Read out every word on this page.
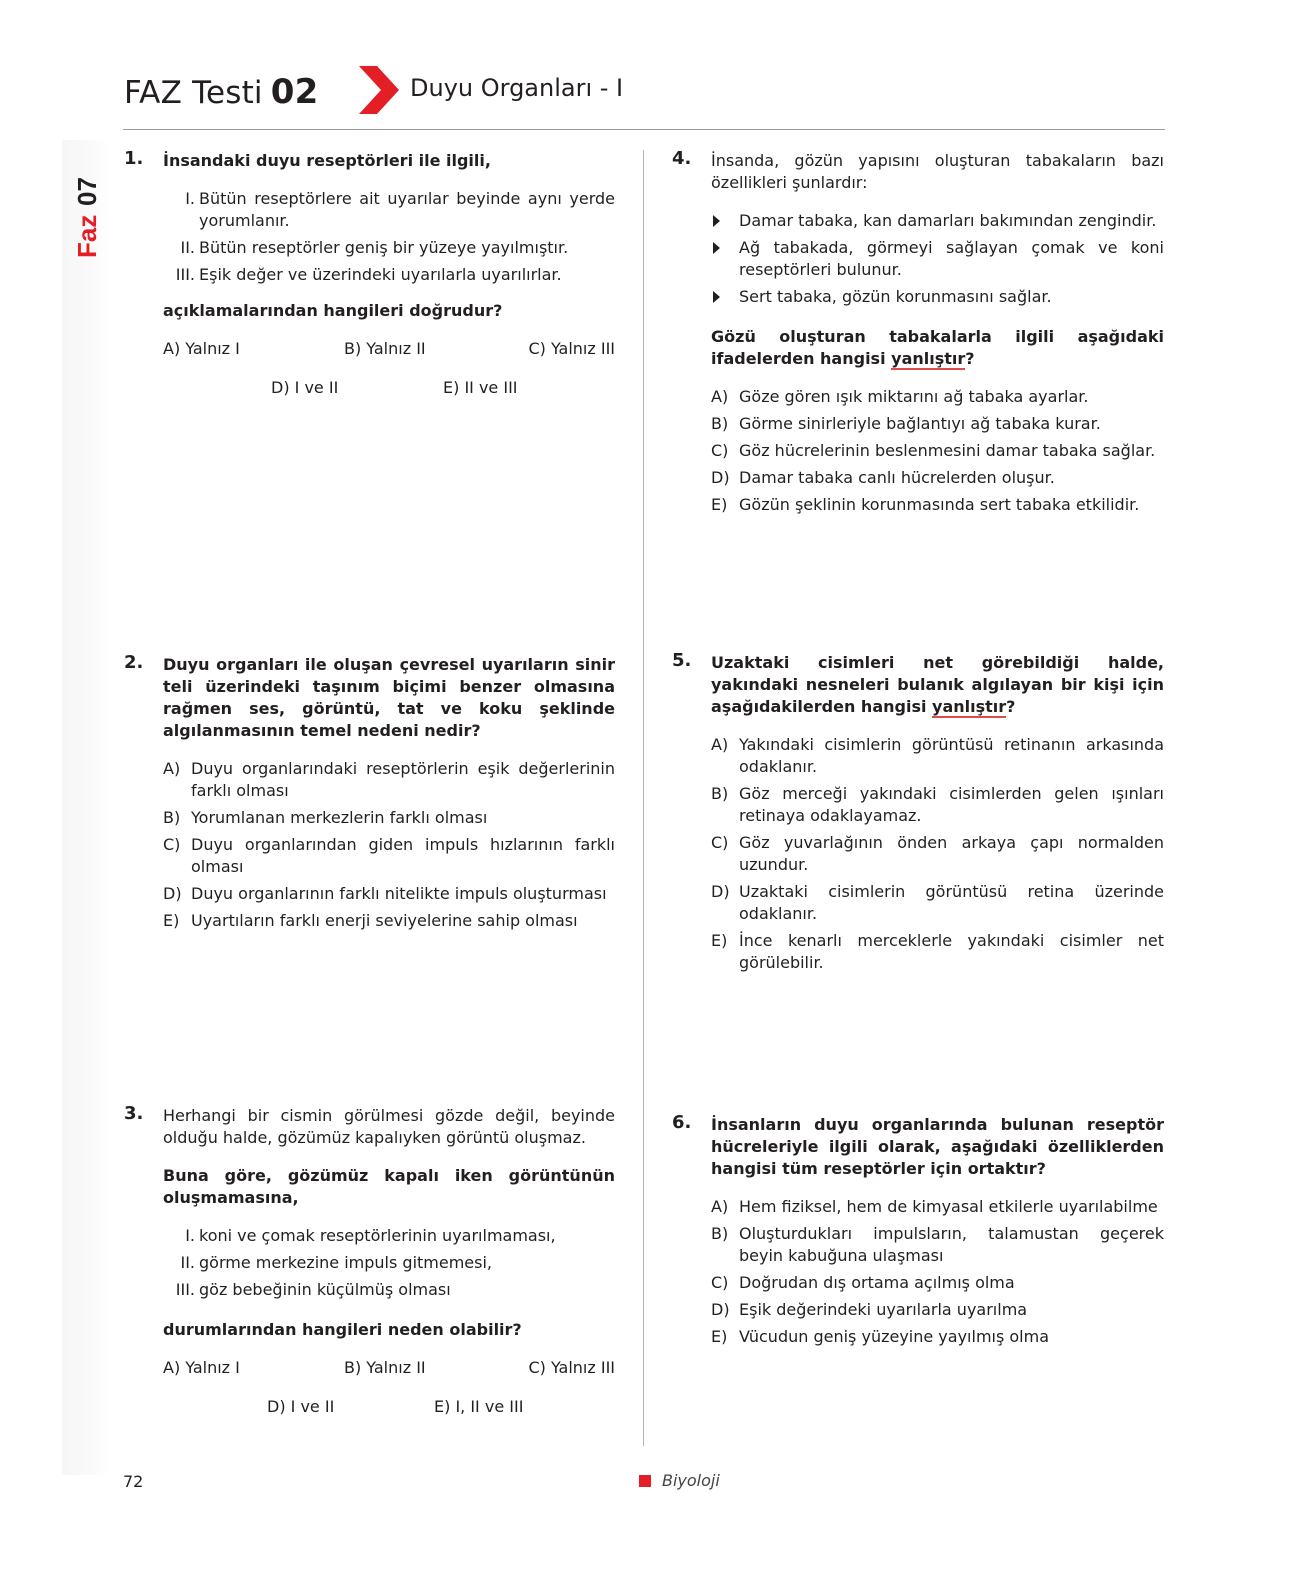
Faz
07
FAZ Testi 02	Duyu Organları - I
1. İnsandaki duyu reseptörleri ile ilgili,

I. Bütün reseptörlere ait uyarılar beyinde aynı yerde yorumlanır.
II. Bütün reseptörler geniş bir yüzeye yayılmıştır.
III. Eşik değer ve üzerindeki uyarılarla uyarılırlar.

açıklamalarından hangileri doğrudur?

A) Yalnız I	B) Yalnız II	C) Yalnız III
D) I ve II	E) II ve III
2. Duyu organları ile oluşan çevresel uyarıların sinir teli üzerindeki taşınım biçimi benzer olmasına rağmen ses, görüntü, tat ve koku şeklinde algılanmasının temel nedeni nedir?

A) Duyu organlarındaki reseptörlerin eşik değerlerinin farklı olması
B) Yorumlanan merkezlerin farklı olması
C) Duyu organlarından giden impuls hızlarının farklı olması
D) Duyu organlarının farklı nitelikte impuls oluşturması
E) Uyartıların farklı enerji seviyelerine sahip olması
3. Herhangi bir cismin görülmesi gözde değil, beyinde olduğu halde, gözümüz kapalıyken görüntü oluşmaz.

Buna göre, gözümüz kapalı iken görüntünün oluşmamasına,

I. koni ve çomak reseptörlerinin uyarılmaması,
II. görme merkezine impuls gitmemesi,
III. göz bebeğinin küçülmüş olması

durumlarından hangileri neden olabilir?

A) Yalnız I	B) Yalnız II	C) Yalnız III
D) I ve II	E) I, II ve III
4. İnsanda, gözün yapısını oluşturan tabakaların bazı özellikleri şunlardır:

Damar tabaka, kan damarları bakımından zengindir.
Ağ tabakada, görmeyi sağlayan çomak ve koni reseptörleri bulunur.
Sert tabaka, gözün korunmasını sağlar.

Gözü oluşturan tabakalarla ilgili aşağıdaki ifadelerden hangisi yanlıştır?

A) Göze gören ışık miktarını ağ tabaka ayarlar.
B) Görme sinirleriyle bağlantıyı ağ tabaka kurar.
C) Göz hücrelerinin beslenmesini damar tabaka sağlar.
D) Damar tabaka canlı hücrelerden oluşur.
E) Gözün şeklinin korunmasında sert tabaka etkilidir.
5. Uzaktaki cisimleri net görebildiği halde, yakındaki nesneleri bulanık algılayan bir kişi için aşağıdakilerden hangisi yanlıştır?

A) Yakındaki cisimlerin görüntüsü retinanın arkasında odaklanır.
B) Göz merceği yakındaki cisimlerden gelen ışınları retinaya odaklayamaz.
C) Göz yuvarlağının önden arkaya çapı normalden uzundur.
D) Uzaktaki cisimlerin görüntüsü retina üzerinde odaklanır.
E) İnce kenarlı merceklerle yakındaki cisimler net görülebilir.
6. İnsanların duyu organlarında bulunan reseptör hücreleriyle ilgili olarak, aşağıdaki özelliklerden hangisi tüm reseptörler için ortaktır?

A) Hem fiziksel, hem de kimyasal etkilerle uyarılabilme
B) Oluşturdukları impulsların, talamustan geçerek beyin kabuğuna ulaşması
C) Doğrudan dış ortama açılmış olma
D) Eşik değerindeki uyarılarla uyarılma
E) Vücudun geniş yüzeyine yayılmış olma
72	Biyoloji
